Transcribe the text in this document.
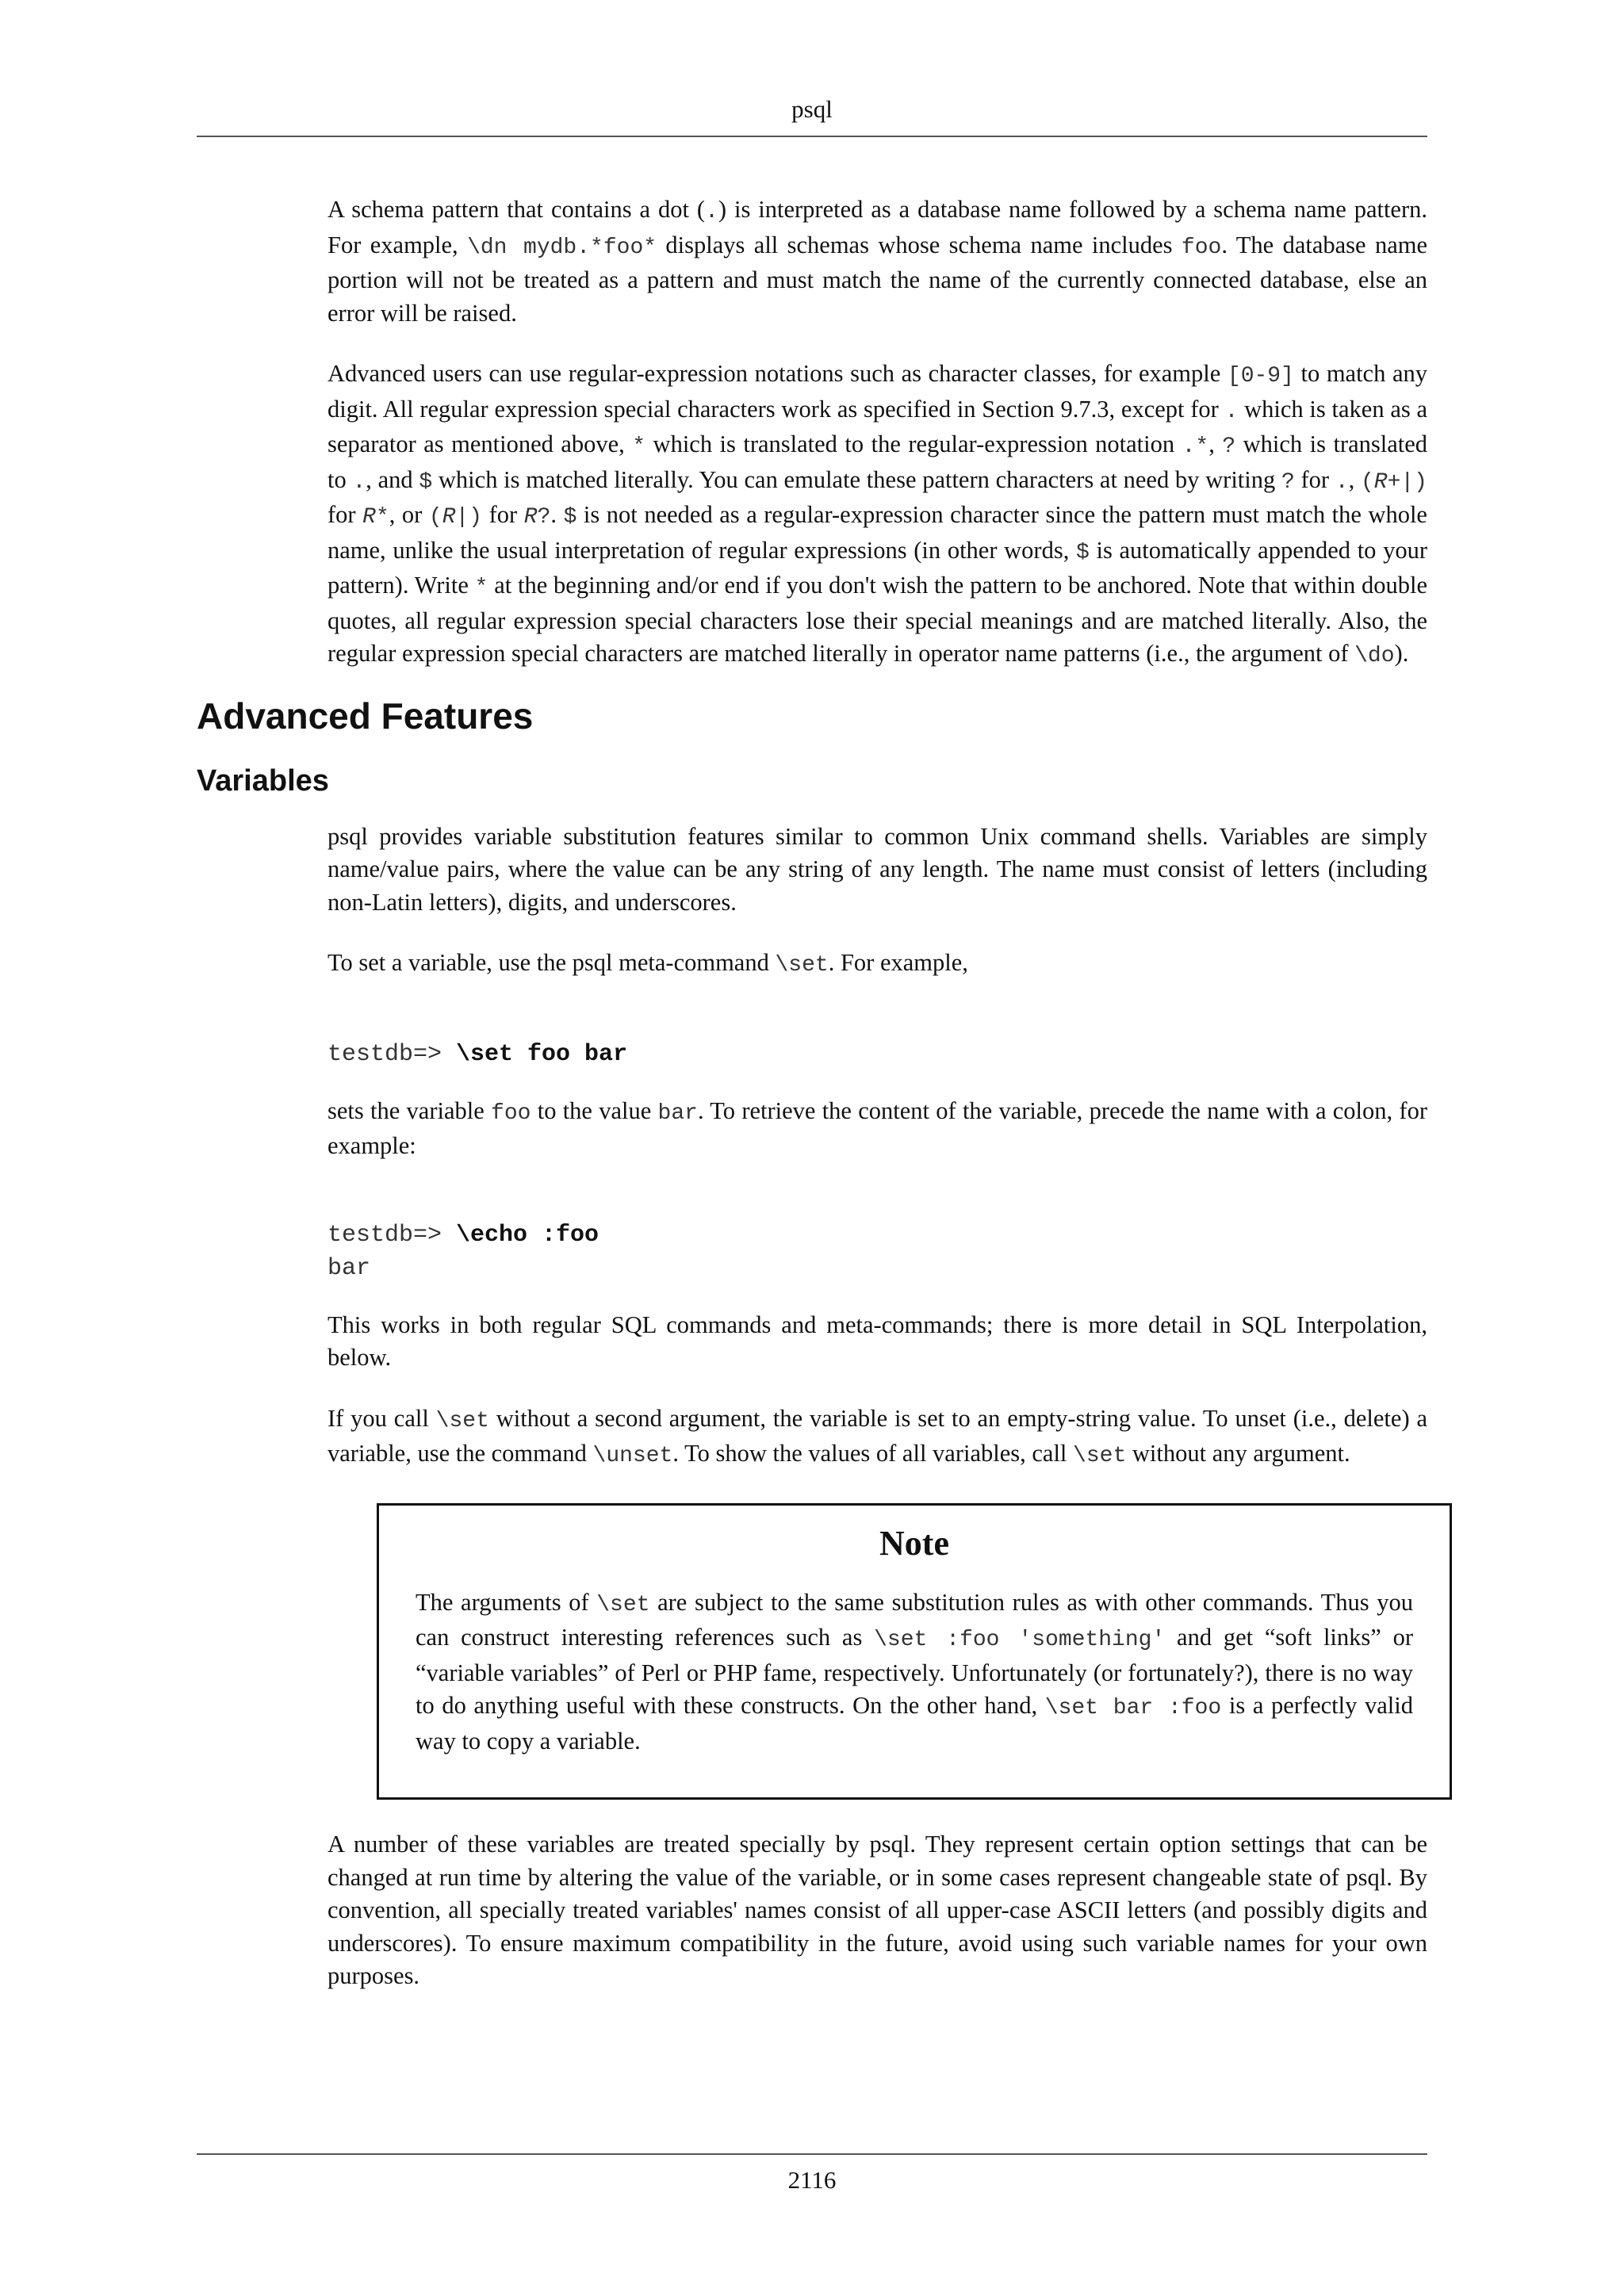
psql

A schema pattern that contains a dot (.) is interpreted as a database name followed by a schema name pattern. For example, \dn mydb.*foo* displays all schemas whose schema name includes foo. The database name portion will not be treated as a pattern and must match the name of the currently connected database, else an error will be raised.

Advanced users can use regular-expression notations such as character classes, for example [0-9] to match any digit. All regular expression special characters work as specified in Section 9.7.3, except for . which is taken as a separator as mentioned above, * which is translated to the regular-expression notation .*, ? which is translated to ., and $ which is matched literally. You can emulate these pattern characters at need by writing ? for ., (R+|) for R*, or (R|) for R?. $ is not needed as a regular-expression character since the pattern must match the whole name, unlike the usual interpretation of regular expressions (in other words, $ is automatically appended to your pattern). Write * at the beginning and/or end if you don't wish the pattern to be anchored. Note that within double quotes, all regular expression special characters lose their special meanings and are matched literally. Also, the regular expression special characters are matched literally in operator name patterns (i.e., the argument of \do).

Advanced Features
Variables

psql provides variable substitution features similar to common Unix command shells. Variables are simply name/value pairs, where the value can be any string of any length. The name must consist of letters (including non-Latin letters), digits, and underscores.

To set a variable, use the psql meta-command \set. For example,

testdb=> \set foo bar

sets the variable foo to the value bar. To retrieve the content of the variable, precede the name with a colon, for example:

testdb=> \echo :foo
bar

This works in both regular SQL commands and meta-commands; there is more detail in SQL Interpolation, below.

If you call \set without a second argument, the variable is set to an empty-string value. To unset (i.e., delete) a variable, use the command \unset. To show the values of all variables, call \set without any argument.

Note
The arguments of \set are subject to the same substitution rules as with other commands. Thus you can construct interesting references such as \set :foo 'something' and get “soft links” or “variable variables” of Perl or PHP fame, respectively. Unfortunately (or fortunately?), there is no way to do anything useful with these constructs. On the other hand, \set bar :foo is a perfectly valid way to copy a variable.

A number of these variables are treated specially by psql. They represent certain option settings that can be changed at run time by altering the value of the variable, or in some cases represent changeable state of psql. By convention, all specially treated variables' names consist of all upper-case ASCII letters (and possibly digits and underscores). To ensure maximum compatibility in the future, avoid using such variable names for your own purposes.

2116
